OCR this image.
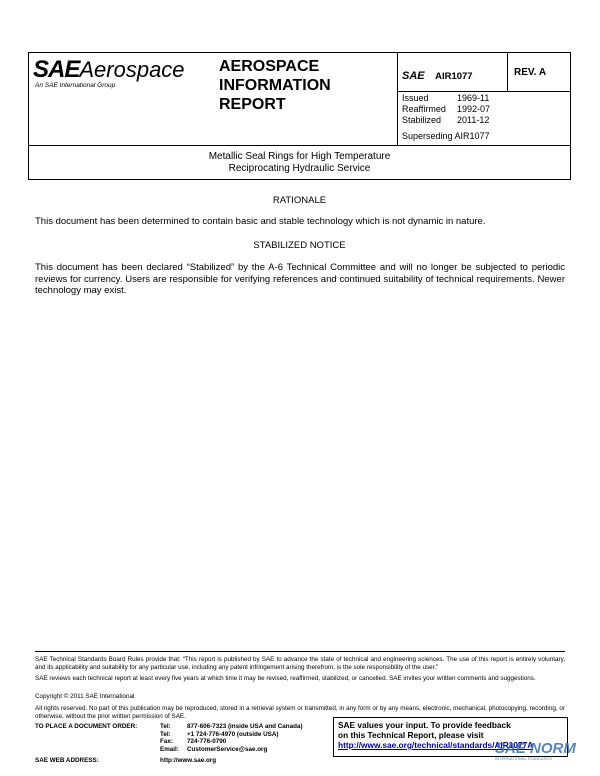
SAEAerospace
An SAE International Group
AEROSPACE
INFORMATION
REPORT
SAE AIR1077	REV. A
Issued	1969-11
Reaffirmed 1992-07
Stabilized 2011-12
Superseding AIR1077
Metallic Seal Rings for High Temperature
Reciprocating Hydraulic Service
RATIONALE
This document has been determined to contain basic and stable technology which is not dynamic in nature.
STABILIZED NOTICE
This document has been declared “Stabilized” by the A-6 Technical Committee and will no longer be subjected to periodic reviews for currency. Users are responsible for verifying references and continued suitability of technical requirements. Newer technology may exist.
SAE Technical Standards Board Rules provide that: “This report is published by SAE to advance the state of technical and engineering sciences. The use of this report is entirely voluntary, and its applicability and suitability for any particular use, including any patent infringement arising therefrom, is the sole responsibility of the user.”
SAE reviews each technical report at least every five years at which time it may be revised, reaffirmed, stabilized, or cancelled. SAE invites your written comments and suggestions.
Copyright © 2011 SAE International
All rights reserved. No part of this publication may be reproduced, stored in a retrieval system or transmitted, in any form or by any means, electronic, mechanical, photocopying, recording, or otherwise, without the prior written permission of SAE.
TO PLACE A DOCUMENT ORDER:	Tel:	877-606-7323 (inside USA and Canada)
Tel:	+1 724-776-4970 (outside USA)
Fax: 724-776-0790
Email: CustomerService@sae.org
SAE WEB ADDRESS:	http://www.sae.org
SAE values your input. To provide feedback
on this Technical Report, please visit
http://www.sae.org/technical/standards/AIR1077A
SAE NORM
INTERNATIONAL STANDARDS
